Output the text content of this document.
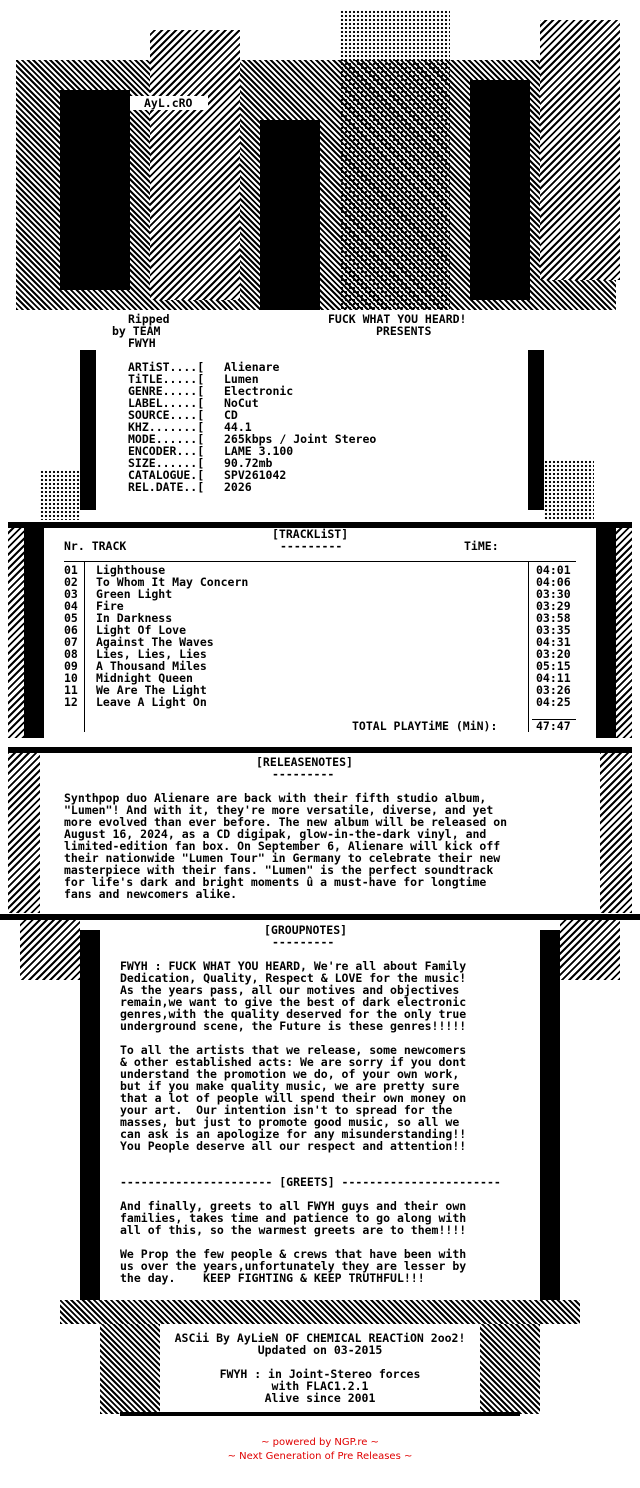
AyL.cRO
Ripped
by TEAM
FWYH
FUCK WHAT YOU HEARD!
PRESENTS
ARTiST....[ Alienare
TiTLE.....[ Lumen
GENRE.....[ Electronic
LABEL.....[ NoCut
SOURCE....[ CD
KHZ.......[ 44.1
MODE......[ 265kbps / Joint Stereo
ENCODER...[ LAME 3.100
SIZE......[ 90.72mb
CATALOGUE.[ SPV261042
REL.DATE..[ 2026
[TRACKLiST]
---------
Nr. TRACK	TiME:
01 Lighthouse	04:01
02 To Whom It May Concern	04:06
03 Green Light	03:30
04 Fire	03:29
05 In Darkness	03:58
06 Light Of Love	03:35
07 Against The Waves	04:31
08 Lies, Lies, Lies	03:20
09 A Thousand Miles	05:15
10 Midnight Queen	04:11
11 We Are The Light	03:26
12 Leave A Light On	04:25
TOTAL PLAYTiME (MiN):	47:47
[RELEASENOTES]
---------
Synthpop duo Alienare are back with their fifth studio album,
"Lumen"! And with it, they're more versatile, diverse, and yet
more evolved than ever before. The new album will be released on
August 16, 2024, as a CD digipak, glow-in-the-dark vinyl, and
limited-edition fan box. On September 6, Alienare will kick off
their nationwide "Lumen Tour" in Germany to celebrate their new
masterpiece with their fans. "Lumen" is the perfect soundtrack
for life's dark and bright moments û a must-have for longtime
fans and newcomers alike.
[GROUPNOTES]
---------
FWYH : FUCK WHAT YOU HEARD, We're all about Family
Dedication, Quality, Respect & LOVE for the music!
As the years pass, all our motives and objectives
remain,we want to give the best of dark electronic
genres,with the quality deserved for the only true
underground scene, the Future is these genres!!!!!
To all the artists that we release, some newcomers
& other established acts: We are sorry if you dont
understand the promotion we do, of your own work,
but if you make quality music, we are pretty sure
that a lot of people will spend their own money on
your art.  Our intention isn't to spread for the
masses, but just to promote good music, so all we
can ask is an apologize for any misunderstanding!!
You People deserve all our respect and attention!!
---------------------- [GREETS] -----------------------
And finally, greets to all FWYH guys and their own
families, takes time and patience to go along with
all of this, so the warmest greets are to them!!!!
We Prop the few people & crews that have been with
us over the years,unfortunately they are lesser by
the day.    KEEP FIGHTING & KEEP TRUTHFUL!!!
ASCii By AyLieN OF CHEMICAL REACTiON 2oo2!
Updated on 03-2015
FWYH : in Joint-Stereo forces
with FLAC1.2.1
Alive since 2001
~ powered by NGP.re ~
~ Next Generation of Pre Releases ~
